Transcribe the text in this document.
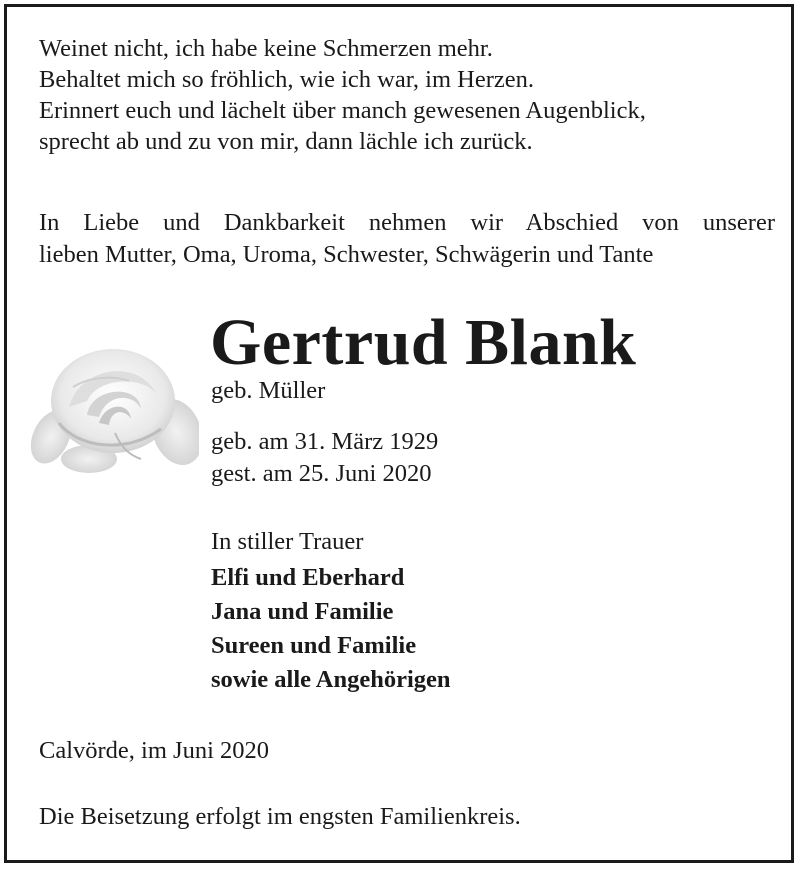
Weinet nicht, ich habe keine Schmerzen mehr.
Behaltet mich so fröhlich, wie ich war, im Herzen.
Erinnert euch und lächelt über manch gewesenen Augenblick,
sprecht ab und zu von mir, dann lächle ich zurück.
In Liebe und Dankbarkeit nehmen wir Abschied von unserer
lieben Mutter, Oma, Uroma, Schwester, Schwägerin und Tante
Gertrud Blank
geb. Müller
geb. am 31. März 1929
gest. am 25. Juni 2020
In stiller Trauer
Elfi und Eberhard
Jana und Familie
Sureen und Familie
sowie alle Angehörigen
Calvörde, im Juni 2020
Die Beisetzung erfolgt im engsten Familienkreis.
